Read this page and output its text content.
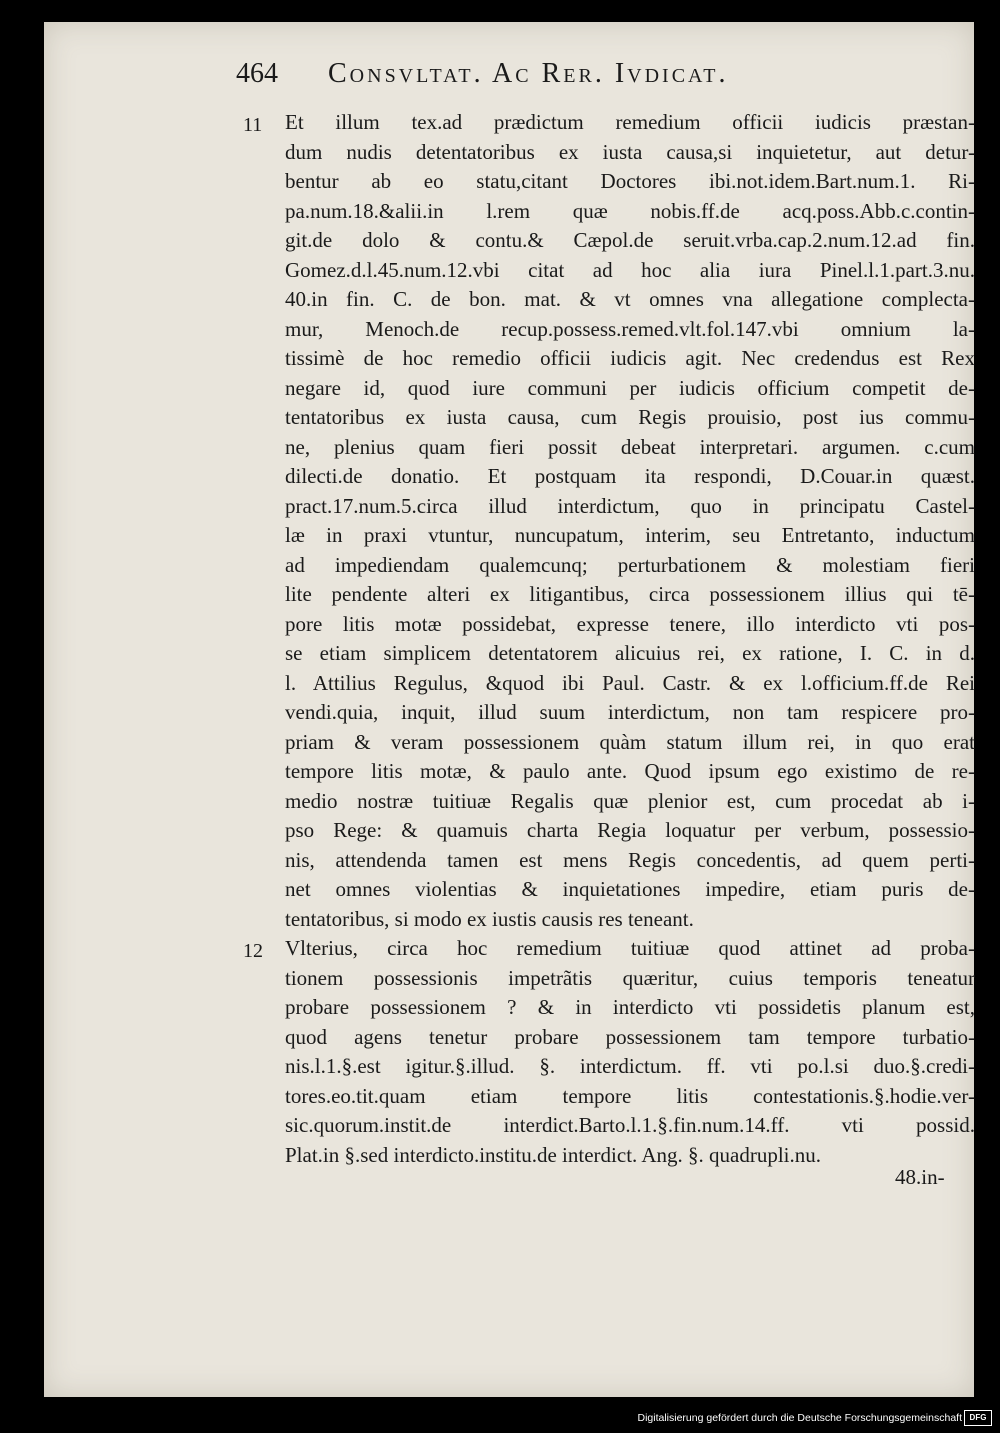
464 Consvltat. Ac Rer. Ivdicat.
11
12
Et illum tex.ad prædictum remedium officii iudicis præstan-
dum nudis detentatoribus ex iusta causa,si inquietetur, aut detur-
bentur ab eo statu,citant Doctores ibi.not.idem.Bart.num.1. Ri-
pa.num.18.&alii.in l.rem quæ nobis.ff.de acq.poss.Abb.c.contin-
git.de dolo & contu.& Cæpol.de seruit.vrba.cap.2.num.12.ad fin.
Gomez.d.l.45.num.12.vbi citat ad hoc alia iura Pinel.l.1.part.3.nu.
40.in fin. C. de bon. mat. & vt omnes vna allegatione complecta-
mur, Menoch.de recup.possess.remed.vlt.fol.147.vbi omnium la-
tissimè de hoc remedio officii iudicis agit. Nec credendus est Rex
negare id, quod iure communi per iudicis officium competit de-
tentatoribus ex iusta causa, cum Regis prouisio, post ius commu-
ne, plenius quam fieri possit debeat interpretari. argumen. c.cum
dilecti.de donatio. Et postquam ita respondi, D.Couar.in quæst.
pract.17.num.5.circa illud interdictum, quo in principatu Castel-
læ in praxi vtuntur, nuncupatum, interim, seu Entretanto, inductum
ad impediendam qualemcunq; perturbationem & molestiam fieri
lite pendente alteri ex litigantibus, circa possessionem illius qui tē-
pore litis motæ possidebat, expresse tenere, illo interdicto vti pos-
se etiam simplicem detentatorem alicuius rei, ex ratione, I. C. in d.
l. Attilius Regulus, &quod ibi Paul. Castr. & ex l.officium.ff.de Rei
vendi.quia, inquit, illud suum interdictum, non tam respicere pro-
priam & veram possessionem quàm statum illum rei, in quo erat
tempore litis motæ, & paulo ante. Quod ipsum ego existimo de re-
medio nostræ tuitiuæ Regalis quæ plenior est, cum procedat ab i-
pso Rege: & quamuis charta Regia loquatur per verbum, possessio-
nis, attendenda tamen est mens Regis concedentis, ad quem perti-
net omnes violentias & inquietationes impedire, etiam puris de-
tentatoribus, si modo ex iustis causis res teneant.
Vlterius, circa hoc remedium tuitiuæ quod attinet ad proba-
tionem possessionis impetrãtis quæritur, cuius temporis teneatur
probare possessionem ? & in interdicto vti possidetis planum est,
quod agens tenetur probare possessionem tam tempore turbatio-
nis.l.1.§.est igitur.§.illud. §. interdictum. ff. vti po.l.si duo.§.credi-
tores.eo.tit.quam etiam tempore litis contestationis.§.hodie.ver-
sic.quorum.instit.de interdict.Barto.l.1.§.fin.num.14.ff. vti possid.
Plat.in §.sed interdicto.institu.de interdict. Ang. §. quadrupli.nu.
48.in-
Digitalisierung gefördert durch die Deutsche Forschungsgemeinschaft DFG
